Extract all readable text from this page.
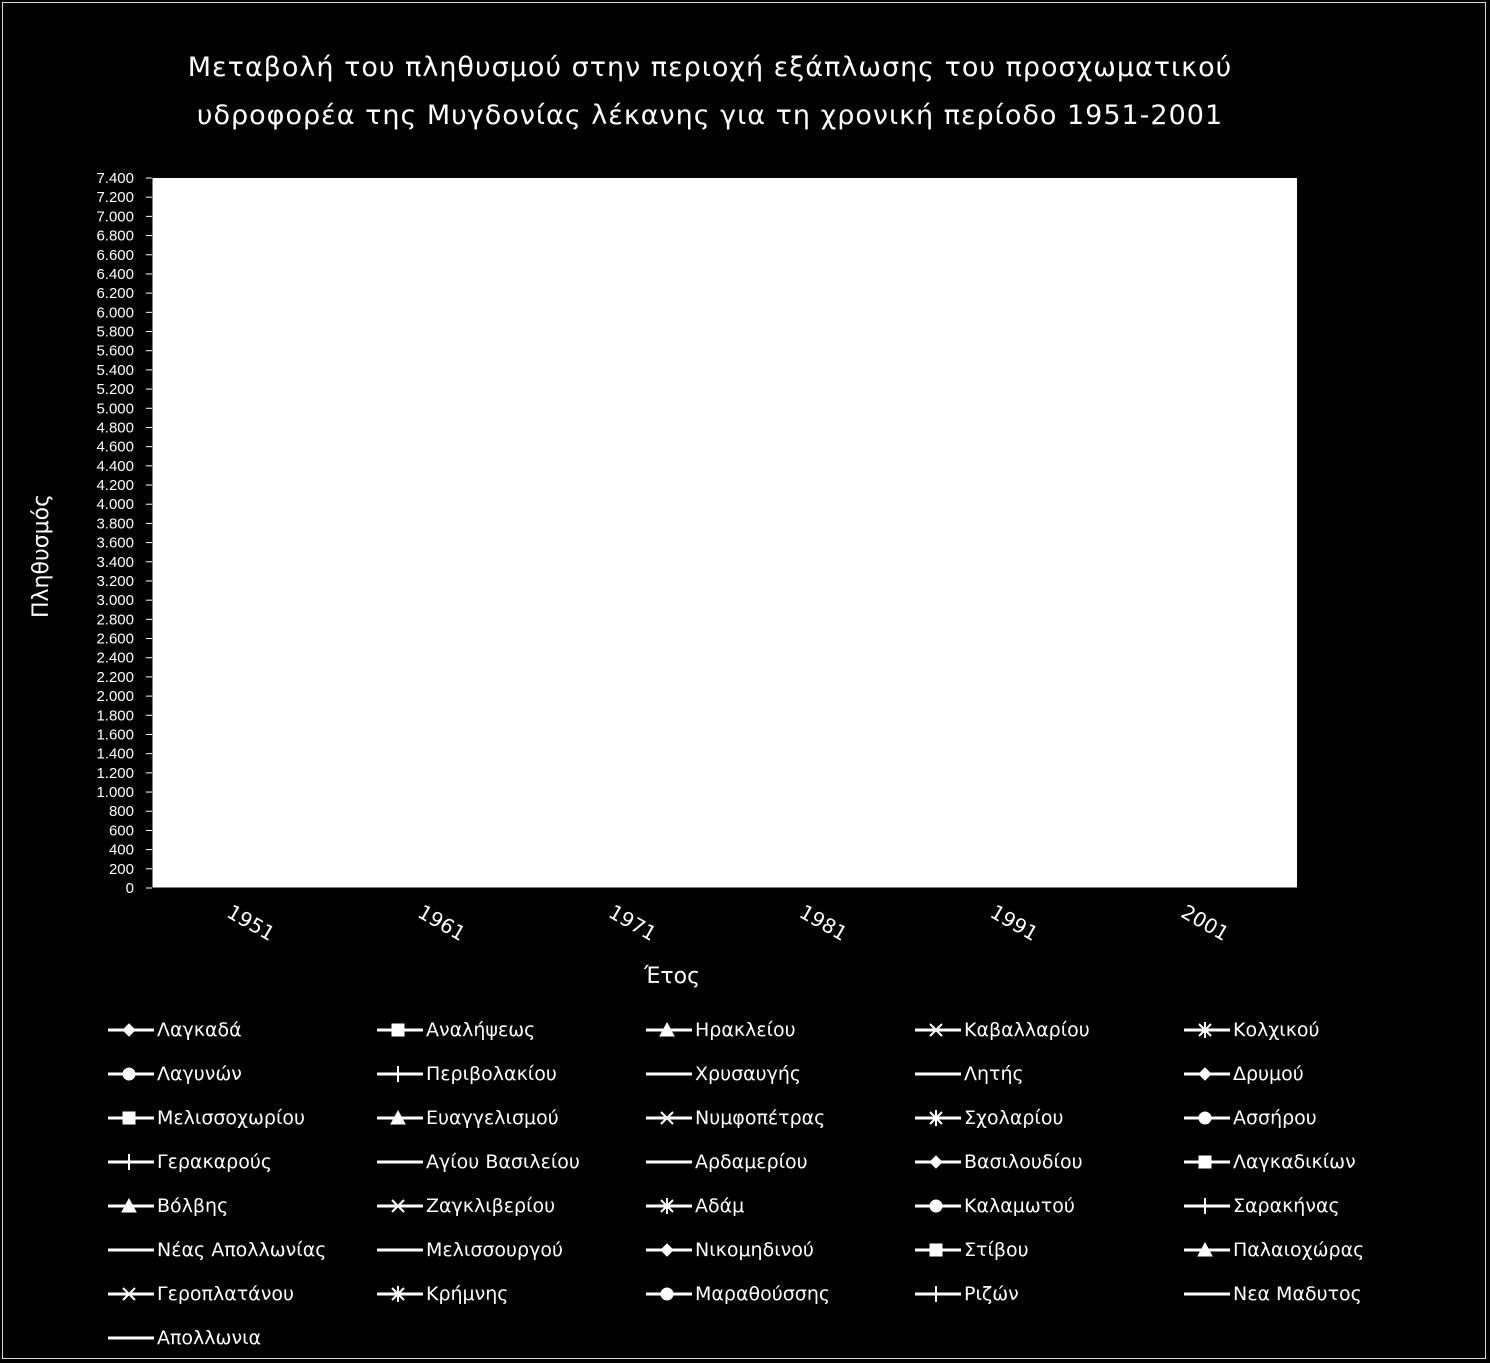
Μεταβολή του πληθυσμού στην περιοχή εξάπλωσης του προσχωματικού
υδροφορέα της Μυγδονίας λέκανης για τη χρονική περίοδο 1951-2001
0
200
400
600
800
1.000
1.200
1.400
1.600
1.800
2.000
2.200
2.400
2.600
2.800
3.000
3.200
3.400
3.600
3.800
4.000
4.200
4.400
4.600
4.800
5.000
5.200
5.400
5.600
5.800
6.000
6.200
6.400
6.600
6.800
7.000
7.200
7.400
1951	1961	1971	1981	1991	2001
Έτος
Πληθυσμός
Λαγκαδά	Αναλήψεως	Ηρακλείου	Καβαλλαρίου	Κολχικού
Λαγυνών	Περιβολακίου	Χρυσαυγής	Λητής	Δρυμού
Μελισσοχωρίου	Ευαγγελισμού	Νυμφοπέτρας	Σχολαρίου	Ασσήρου
Γερακαρούς	Αγίου Βασιλείου	Αρδαμερίου	Βασιλουδίου	Λαγκαδικίων
Βόλβης	Ζαγκλιβερίου	Αδάμ	Καλαμωτού	Σαρακήνας
Νέας Απολλωνίας	Μελισσουργού	Νικομηδινού	Στίβου	Παλαιοχώρας
Γεροπλατάνου	Κρήμνης	Μαραθούσσης	Ριζών	Νεα Μαδυτος
Απολλωνια
